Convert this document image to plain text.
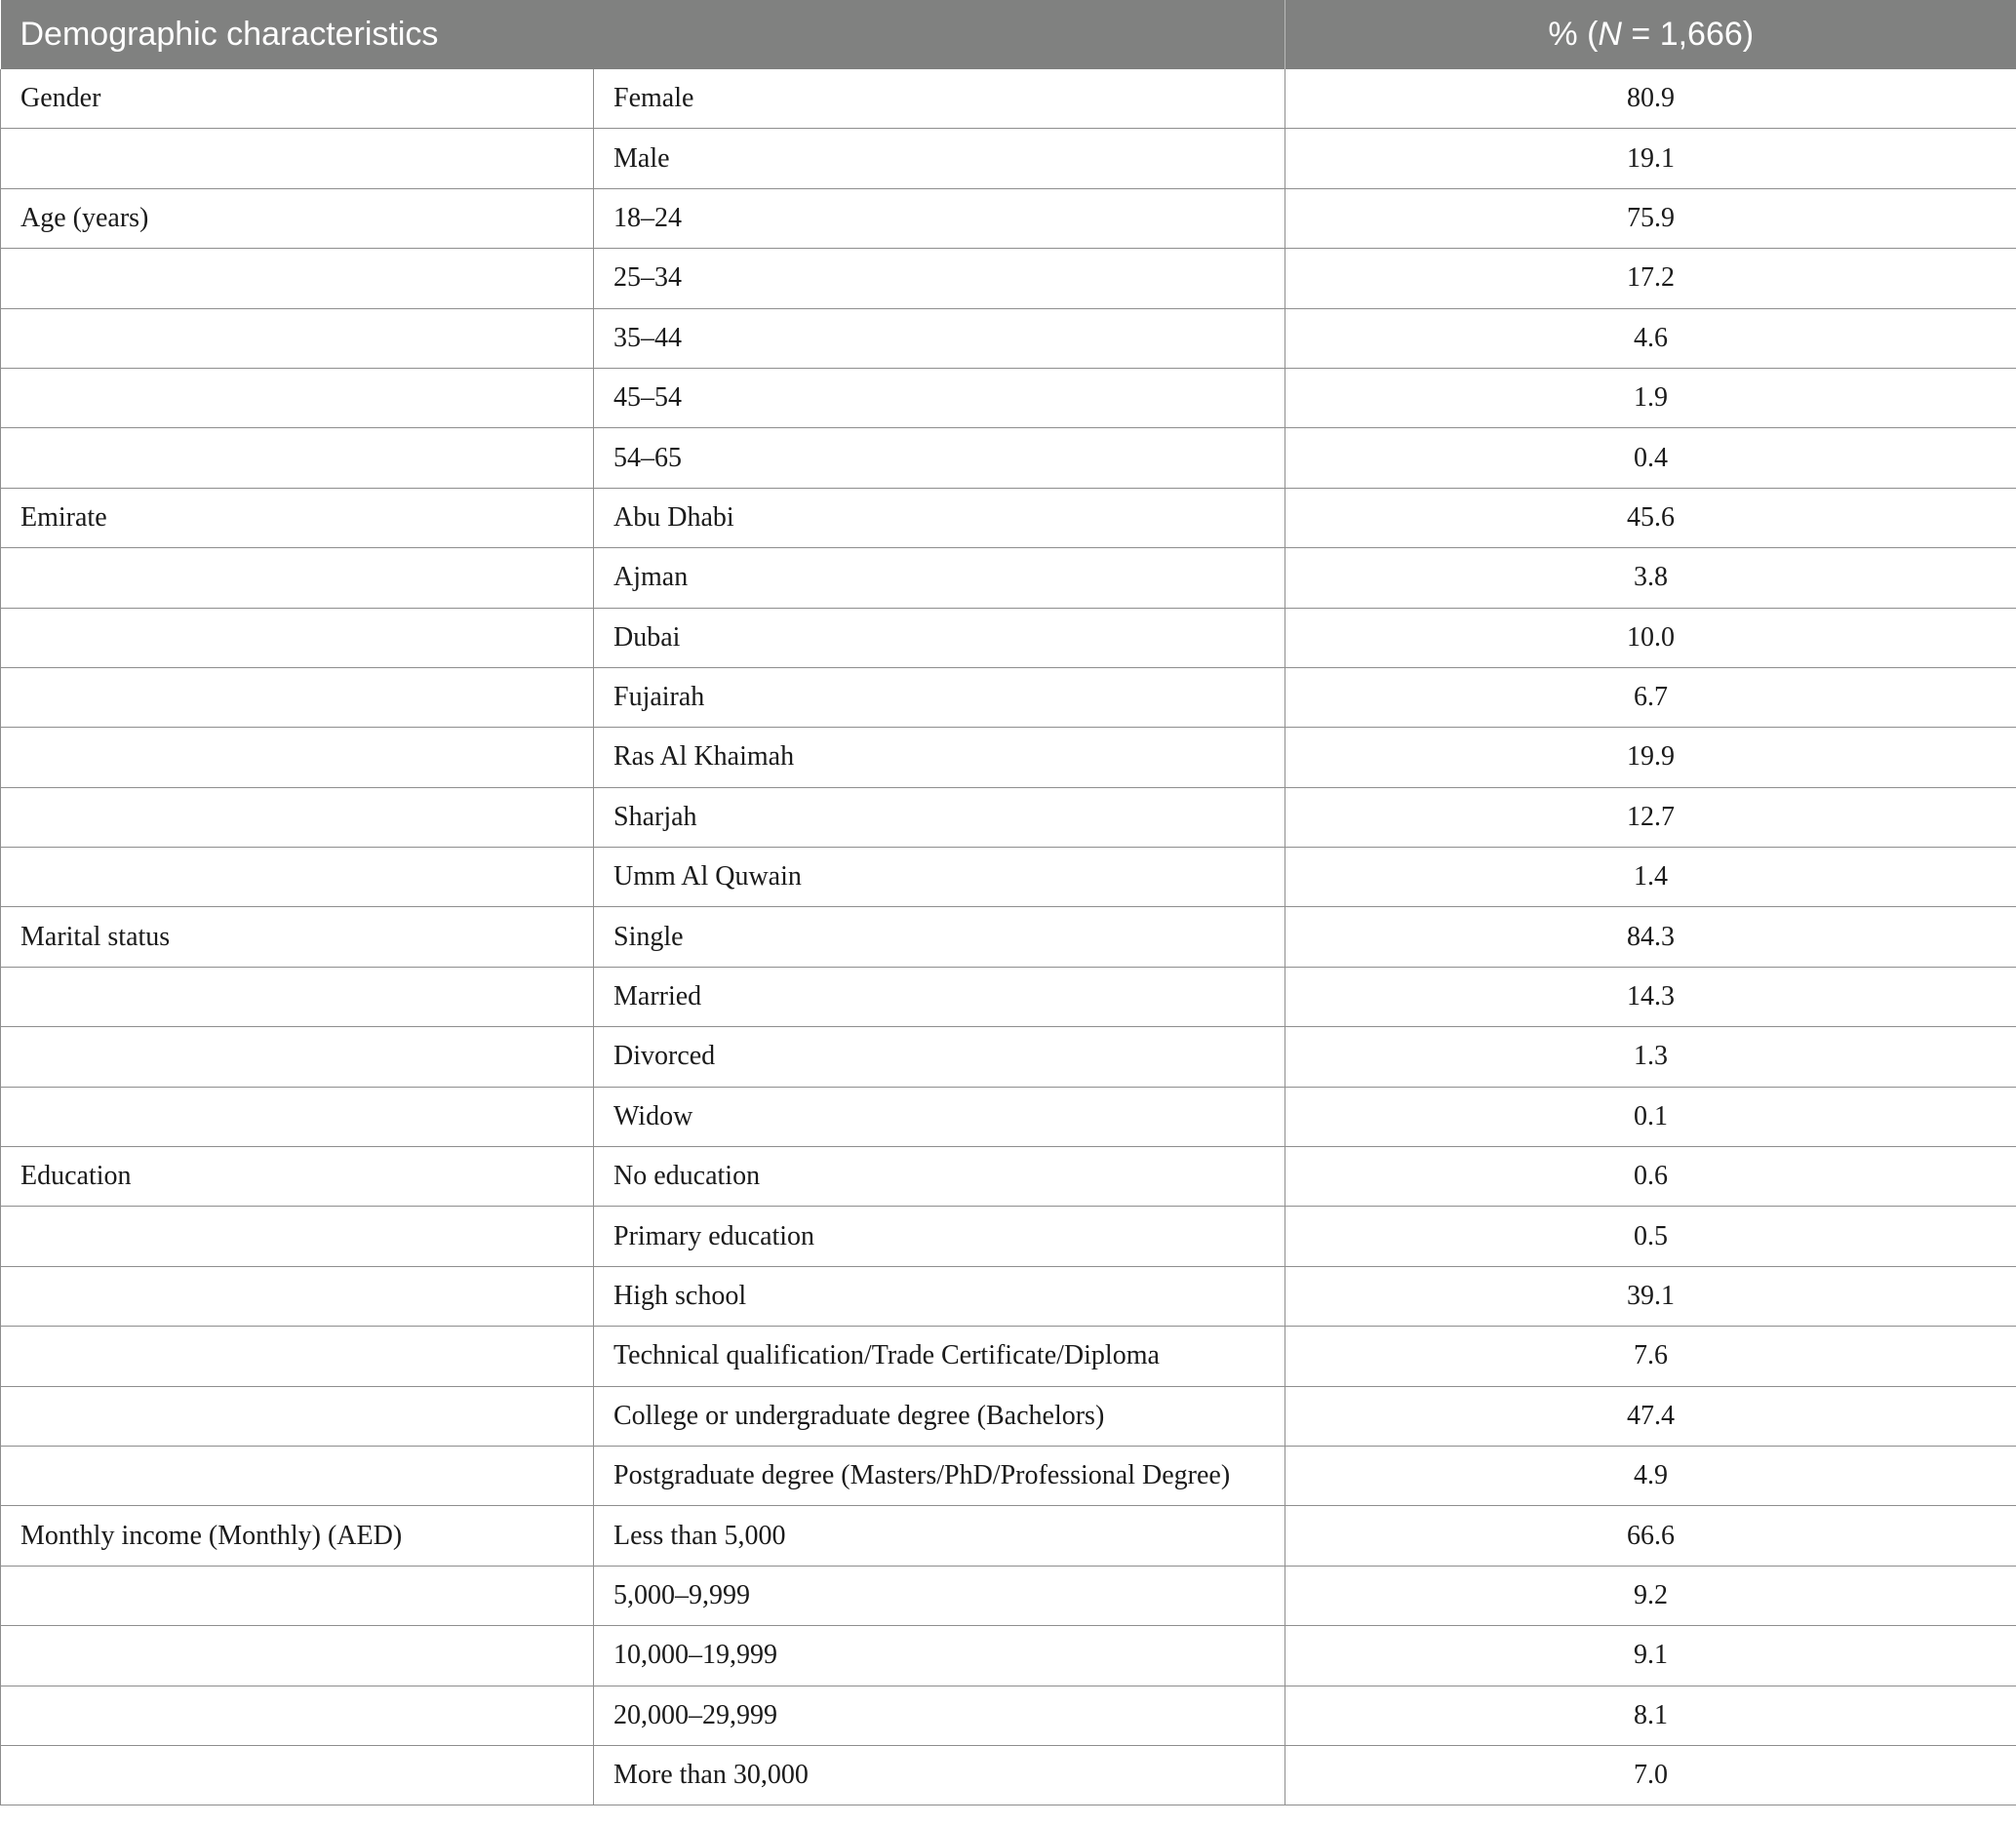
Demographic characteristics		% (N = 1,666)
Gender	Female	80.9
	Male	19.1
Age (years)	18–24	75.9
	25–34	17.2
	35–44	4.6
	45–54	1.9
	54–65	0.4
Emirate	Abu Dhabi	45.6
	Ajman	3.8
	Dubai	10.0
	Fujairah	6.7
	Ras Al Khaimah	19.9
	Sharjah	12.7
	Umm Al Quwain	1.4
Marital status	Single	84.3
	Married	14.3
	Divorced	1.3
	Widow	0.1
Education	No education	0.6
	Primary education	0.5
	High school	39.1
	Technical qualification/Trade Certificate/Diploma	7.6
	College or undergraduate degree (Bachelors)	47.4
	Postgraduate degree (Masters/PhD/Professional Degree)	4.9
Monthly income (Monthly) (AED)	Less than 5,000	66.6
	5,000–9,999	9.2
	10,000–19,999	9.1
	20,000–29,999	8.1
	More than 30,000	7.0
